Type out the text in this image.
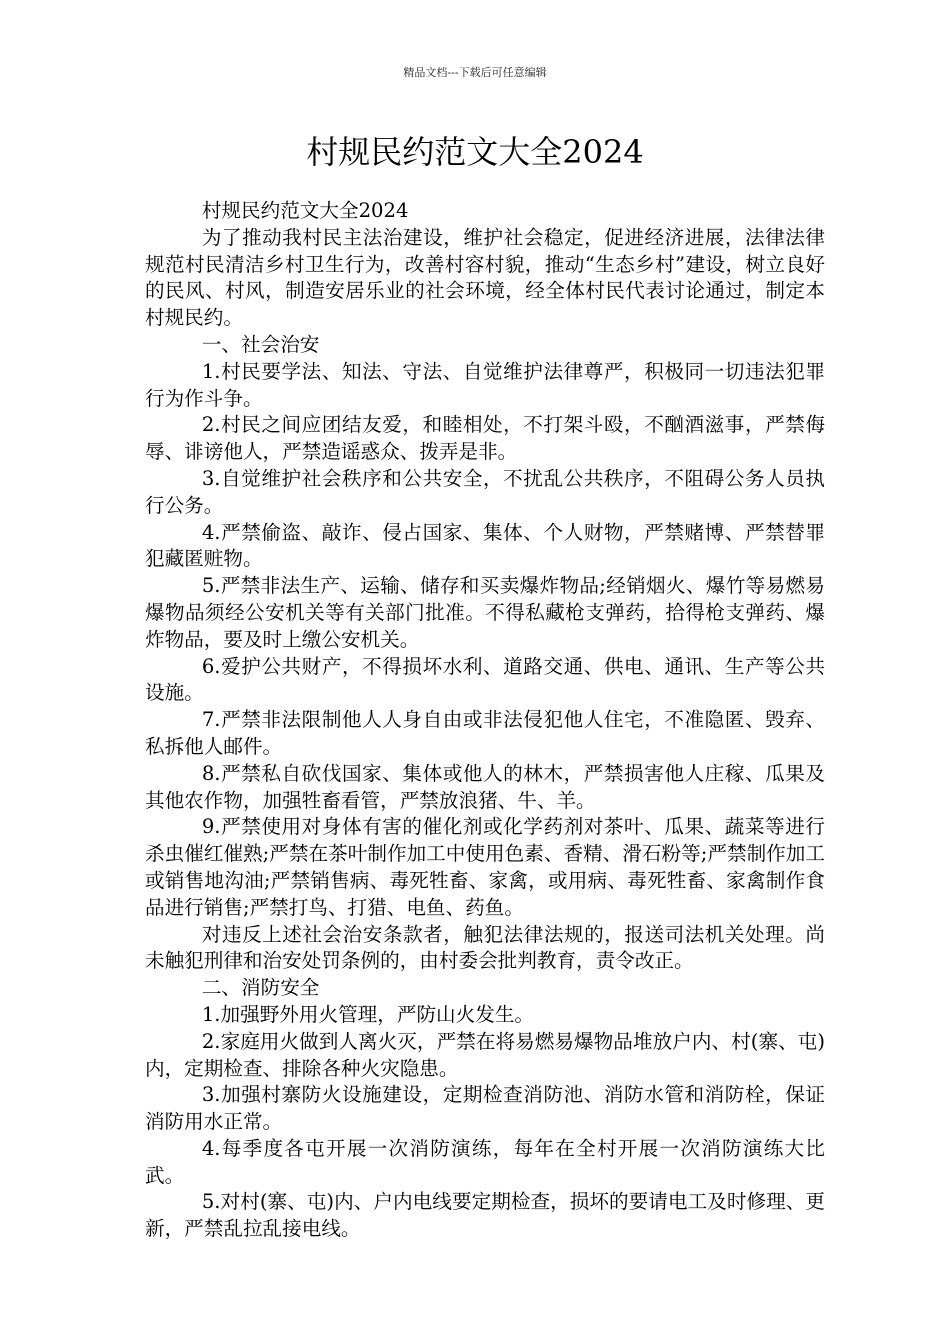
精品文档---下载后可任意编辑
村规民约范文大全2024

村规民约范文大全2024

为了推动我村民主法治建设，维护社会稳定，促进经济进展，法律法律规范村民清洁乡村卫生行为，改善村容村貌，推动“生态乡村”建设，树立良好的民风、村风，制造安居乐业的社会环境，经全体村民代表讨论通过，制定本村规民约。

一、社会治安

1.村民要学法、知法、守法、自觉维护法律尊严，积极同一切违法犯罪行为作斗争。

2.村民之间应团结友爱，和睦相处，不打架斗殴，不酗酒滋事，严禁侮辱、诽谤他人，严禁造谣惑众、拨弄是非。

3.自觉维护社会秩序和公共安全，不扰乱公共秩序，不阻碍公务人员执行公务。

4.严禁偷盗、敲诈、侵占国家、集体、个人财物，严禁赌博、严禁替罪犯藏匿赃物。

5.严禁非法生产、运输、储存和买卖爆炸物品;经销烟火、爆竹等易燃易爆物品须经公安机关等有关部门批准。不得私藏枪支弹药，拾得枪支弹药、爆炸物品，要及时上缴公安机关。

6.爱护公共财产，不得损坏水利、道路交通、供电、通讯、生产等公共设施。

7.严禁非法限制他人人身自由或非法侵犯他人住宅，不准隐匿、毁弃、私拆他人邮件。

8.严禁私自砍伐国家、集体或他人的林木，严禁损害他人庄稼、瓜果及其他农作物，加强牲畜看管，严禁放浪猪、牛、羊。

9.严禁使用对身体有害的催化剂或化学药剂对茶叶、瓜果、蔬菜等进行杀虫催红催熟;严禁在茶叶制作加工中使用色素、香精、滑石粉等;严禁制作加工或销售地沟油;严禁销售病、毒死牲畜、家禽，或用病、毒死牲畜、家禽制作食品进行销售;严禁打鸟、打猎、电鱼、药鱼。

对违反上述社会治安条款者，触犯法律法规的，报送司法机关处理。尚未触犯刑律和治安处罚条例的，由村委会批判教育，责令改正。

二、消防安全

1.加强野外用火管理，严防山火发生。

2.家庭用火做到人离火灭，严禁在将易燃易爆物品堆放户内、村(寨、屯)内，定期检查、排除各种火灾隐患。

3.加强村寨防火设施建设，定期检查消防池、消防水管和消防栓，保证消防用水正常。

4.每季度各屯开展一次消防演练，每年在全村开展一次消防演练大比武。

5.对村(寨、屯)内、户内电线要定期检查，损坏的要请电工及时修理、更新，严禁乱拉乱接电线。
